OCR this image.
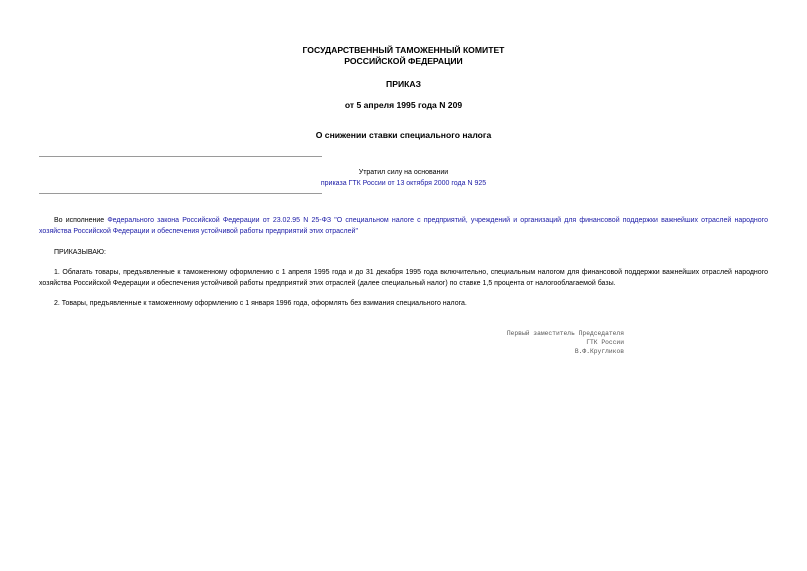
ГОСУДАРСТВЕННЫЙ ТАМОЖЕННЫЙ КОМИТЕТ
РОССИЙСКОЙ ФЕДЕРАЦИИ
ПРИКАЗ
от 5 апреля 1995 года N 209
О снижении ставки специального налога
Утратил силу на основании
приказа ГТК России от 13 октября 2000 года N 925
Во исполнение Федерального закона Российской Федерации от 23.02.95 N 25-ФЗ "О специальном налоге с предприятий, учреждений и организаций для финансовой поддержки важнейших отраслей народного хозяйства Российской Федерации и обеспечения устойчивой работы предприятий этих отраслей"
ПРИКАЗЫВАЮ:
1. Облагать товары, предъявленные к таможенному оформлению с 1 апреля 1995 года и до 31 декабря 1995 года включительно, специальным налогом для финансовой поддержки важнейших отраслей народного хозяйства Российской Федерации и обеспечения устойчивой работы предприятий этих отраслей (далее специальный налог) по ставке 1,5 процента от налогооблагаемой базы.
2. Товары, предъявленные к таможенному оформлению с 1 января 1996 года, оформлять без взимания специального налога.
Первый заместитель Председателя
ГТК России
В.Ф.Кругликов
